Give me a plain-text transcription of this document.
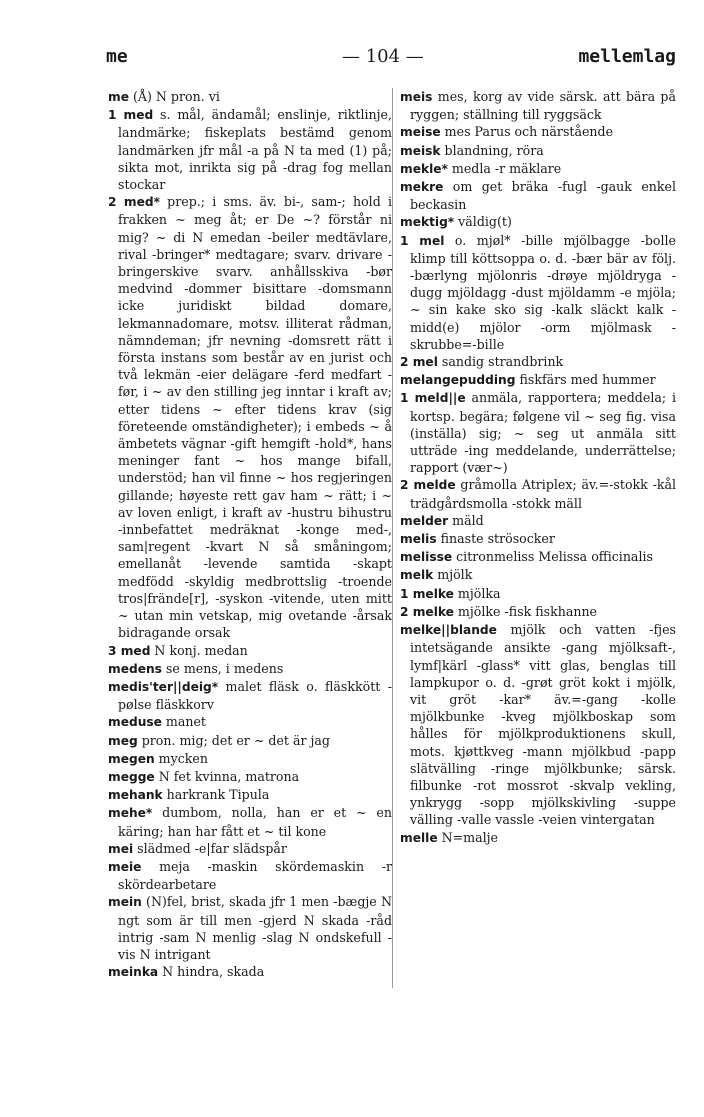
me	— 104 —	mellemlag

me (Å) N pron. vi

1 med s. mål, ändamål; enslinje, riktlinje, landmärke; fiskeplats bestämd genom landmärken jfr mål -a på N ta med (1) på; sikta mot, inrikta sig på -drag fog mellan stockar

2 med* prep.; i sms. äv. bi-, sam-; hold i frakken ~ meg åt; er De ~? förstår ni mig? ~ di N emedan -beiler medtävlare, rival -bringer* medtagare; svarv. drivare -bringerskive svarv. anhållsskiva -bør medvind -dommer bisittare -domsmann icke juridiskt bildad domare, lekmannadomare, motsv. illiterat rådman, nämndeman; jfr nevning -domsrett rätt i första instans som består av en jurist och två lekmän -eier delägare -ferd medfart -før, i ~ av den stilling jeg inntar i kraft av; etter tidens ~ efter tidens krav (sig företeende omständigheter); i embeds ~ å ämbetets vägnar -gift hemgift -hold*, hans meninger fant ~ hos mange bifall, understöd; han vil finne ~ hos regjeringen gillande; høyeste rett gav ham ~ rätt; i ~ av loven enligt, i kraft av -hustru bihustru -innbefattet medräknat -konge med-, sam|regent -kvart N så småningom; emellanåt -levende samtida -skapt medfödd -skyldig medbrottslig -troende tros|frände[r], -syskon -vitende, uten mitt ~ utan min vetskap, mig ovetande -årsak bidragande orsak

3 med N konj. medan

medens se mens, i medens

medis'ter||deig* malet fläsk o. fläskkött -pølse fläskkorv

meduse manet

meg pron. mig; det er ~ det är jag

megen mycken

megge N fet kvinna, matrona

mehank harkrank Tipula

mehe* dumbom, nolla, han er et ~ en käring; han har fått et ~ til kone

mei slädmed -e|far slädspår

meie meja -maskin skördemaskin -r skördearbetare

mein (N)fel, brist, skada jfr 1 men -bægje N ngt som är till men -gjerd N skada -råd intrig -sam N menlig -slag N ondskefull -vis N intrigant

meinka N hindra, skada

meis mes, korg av vide särsk. att bära på ryggen; ställning till ryggsäck

meise mes Parus och närstående

meisk blandning, röra

mekle* medla -r mäklare

mekre om get bräka -fugl -gauk enkel beckasin

mektig* väldig(t)

1 mel o. mjøl* -bille mjölbagge -bolle klimp till köttsoppa o. d. -bær bär av följ. -bærlyng mjölonris -drøye mjöldryga -dugg mjöldagg -dust mjöldamm -e mjöla; ~ sin kake sko sig -kalk släckt kalk -midd(e) mjölor -orm mjölmask -skrubbe=-bille

2 mel sandig strandbrink

melangepudding fiskfärs med hummer

1 meld||e anmäla, rapportera; meddela; i kortsp. begära; følgene vil ~ seg fig. visa (inställa) sig; ~ seg ut anmäla sitt utträde -ing meddelande, underrättelse; rapport (vær~)

2 melde gråmolla Atriplex; äv.=-stokk -kål trädgårdsmolla -stokk mäll

melder mäld

melis finaste strösocker

melisse citronmeliss Melissa officinalis

melk mjölk

1 melke mjölka

2 melke mjölke -fisk fiskhanne

melke||blande mjölk och vatten -fjes intetsägande ansikte -gang mjölksaft-, lymf|kärl -glass* vitt glas, benglas till lampkupor o. d. -grøt gröt kokt i mjölk, vit gröt -kar* äv.=-gang -kolle mjölkbunke -kveg mjölkboskap som hålles för mjölkproduktionens skull, mots. kjøttkveg -mann mjölkbud -papp slätvälling -ringe mjölkbunke; särsk. filbunke -rot mossrot -skvalp vekling, ynkrygg -sopp mjölkskivling -suppe välling -valle vassle -veien vintergatan

melle N=malje
